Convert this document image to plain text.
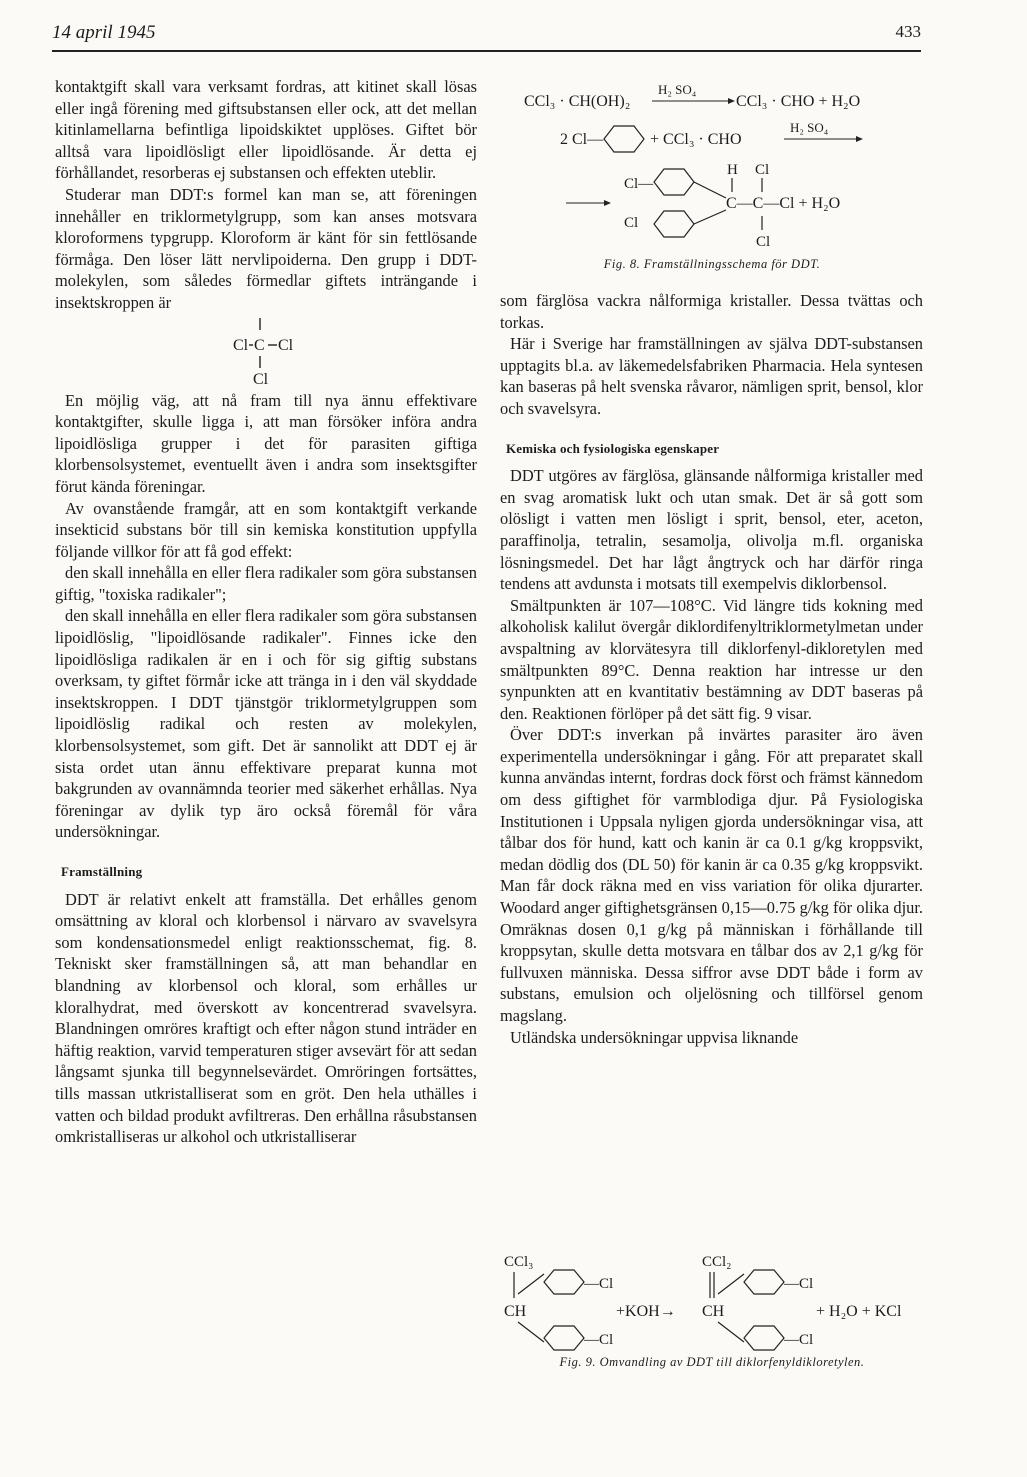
14 april 1945	433

kontaktgift skall vara verksamt fordras, att kitinet skall lösas eller ingå förening med giftsubstansen eller ock, att det mellan kitinlamellarna befintliga lipoidskiktet upplöses. Giftet bör alltså vara lipoidlösligt eller lipoidlösande. Är detta ej förhållandet, resorberas ej substansen och effekten uteblir.

Studerar man DDT:s formel kan man se, att föreningen innehåller en triklormetylgrupp, som kan anses motsvara kloroformens typgrupp. Kloroform är känt för sin fettlösande förmåga. Den löser lätt nervlipoiderna. Den grupp i DDT-molekylen, som således förmedlar giftets inträngande i insektskroppen är

Cl C Cl
Cl

En möjlig väg, att nå fram till nya ännu effektivare kontaktgifter, skulle ligga i, att man försöker införa andra lipoidlösliga grupper i det för parasiten giftiga klorbensolsystemet, eventuellt även i andra som insektsgifter förut kända föreningar.

Av ovanstående framgår, att en som kontaktgift verkande insekticid substans bör till sin kemiska konstitution uppfylla följande villkor för att få god effekt:

den skall innehålla en eller flera radikaler som göra substansen giftig, "toxiska radikaler";

den skall innehålla en eller flera radikaler som göra substansen lipoidlöslig, "lipoidlösande radikaler". Finnes icke den lipoidlösliga radikalen är en i och för sig giftig substans overksam, ty giftet förmår icke att tränga in i den väl skyddade insektskroppen. I DDT tjänstgör triklormetylgruppen som lipoidlöslig radikal och resten av molekylen, klorbensolsystemet, som gift. Det är sannolikt att DDT ej är sista ordet utan ännu effektivare preparat kunna mot bakgrunden av ovannämnda teorier med säkerhet erhållas. Nya föreningar av dylik typ äro också föremål för våra undersökningar.

Framställning

DDT är relativt enkelt att framställa. Det erhålles genom omsättning av kloral och klorbensol i närvaro av svavelsyra som kondensationsmedel enligt reaktionsschemat, fig. 8. Tekniskt sker framställningen så, att man behandlar en blandning av klorbensol och kloral, som erhålles ur kloralhydrat, med överskott av koncentrerad svavelsyra. Blandningen omröres kraftigt och efter någon stund inträder en häftig reaktion, varvid temperaturen stiger avsevärt för att sedan långsamt sjunka till begynnelsevärdet. Omröringen fortsättes, tills massan utkristalliserat som en gröt. Den hela uthälles i vatten och bildad produkt avfiltreras. Den erhållna råsubstansen omkristalliseras ur alkohol och utkristalliserar

CCl₃ · CH(OH)₂
H₂ SO₄
CCl₃ · CHO + H₂O
2 Cl—	+ CCl₃ · CHO
H₂ SO₄
Cl—
H Cl
C—C—Cl + H₂O
Cl
Cl
Fig. 8. Framställningsschema för DDT.

som färglösa vackra nålformiga kristaller. Dessa tvättas och torkas.

Här i Sverige har framställningen av själva DDT-substansen upptagits bl.a. av läkemedelsfabriken Pharmacia. Hela syntesen kan baseras på helt svenska råvaror, nämligen sprit, bensol, klor och svavelsyra.

Kemiska och fysiologiska egenskaper

DDT utgöres av färglösa, glänsande nålformiga kristaller med en svag aromatisk lukt och utan smak. Det är så gott som olösligt i vatten men lösligt i sprit, bensol, eter, aceton, paraffinolja, tetralin, sesamolja, olivolja m.fl. organiska lösningsmedel. Det har lågt ångtryck och har därför ringa tendens att avdunsta i motsats till exempelvis diklorbensol.

Smältpunkten är 107—108°C. Vid längre tids kokning med alkoholisk kalilut övergår diklordifenyltriklormetylmetan under avspaltning av klorvätesyra till diklorfenyl-dikloretylen med smältpunkten 89°C. Denna reaktion har intresse ur den synpunkten att en kvantitativ bestämning av DDT baseras på den. Reaktionen förlöper på det sätt fig. 9 visar.

Över DDT:s inverkan på invärtes parasiter äro även experimentella undersökningar i gång. För att preparatet skall kunna användas internt, fordras dock först och främst kännedom om dess giftighet för varmblodiga djur. På Fysiologiska Institutionen i Uppsala nyligen gjorda undersökningar visa, att tålbar dos för hund, katt och kanin är ca 0.1 g/kg kroppsvikt, medan dödlig dos (DL 50) för kanin är ca 0.35 g/kg kroppsvikt. Man får dock räkna med en viss variation för olika djurarter. Woodard anger giftighetsgränsen 0,15—0.75 g/kg för olika djur. Omräknas dosen 0,1 g/kg på människan i förhållande till kroppsytan, skulle detta motsvara en tålbar dos av 2,1 g/kg för fullvuxen människa. Dessa siffror avse DDT både i form av substans, emulsion och oljelösning och tillförsel genom magslang.

Utländska undersökningar uppvisa liknande

CCl₃
—Cl
CH
—Cl
+KOH→
CCl₂
—Cl
CH
—Cl
+ H₂O + KCl
Fig. 9. Omvandling av DDT till diklorfenyldikloretylen.
